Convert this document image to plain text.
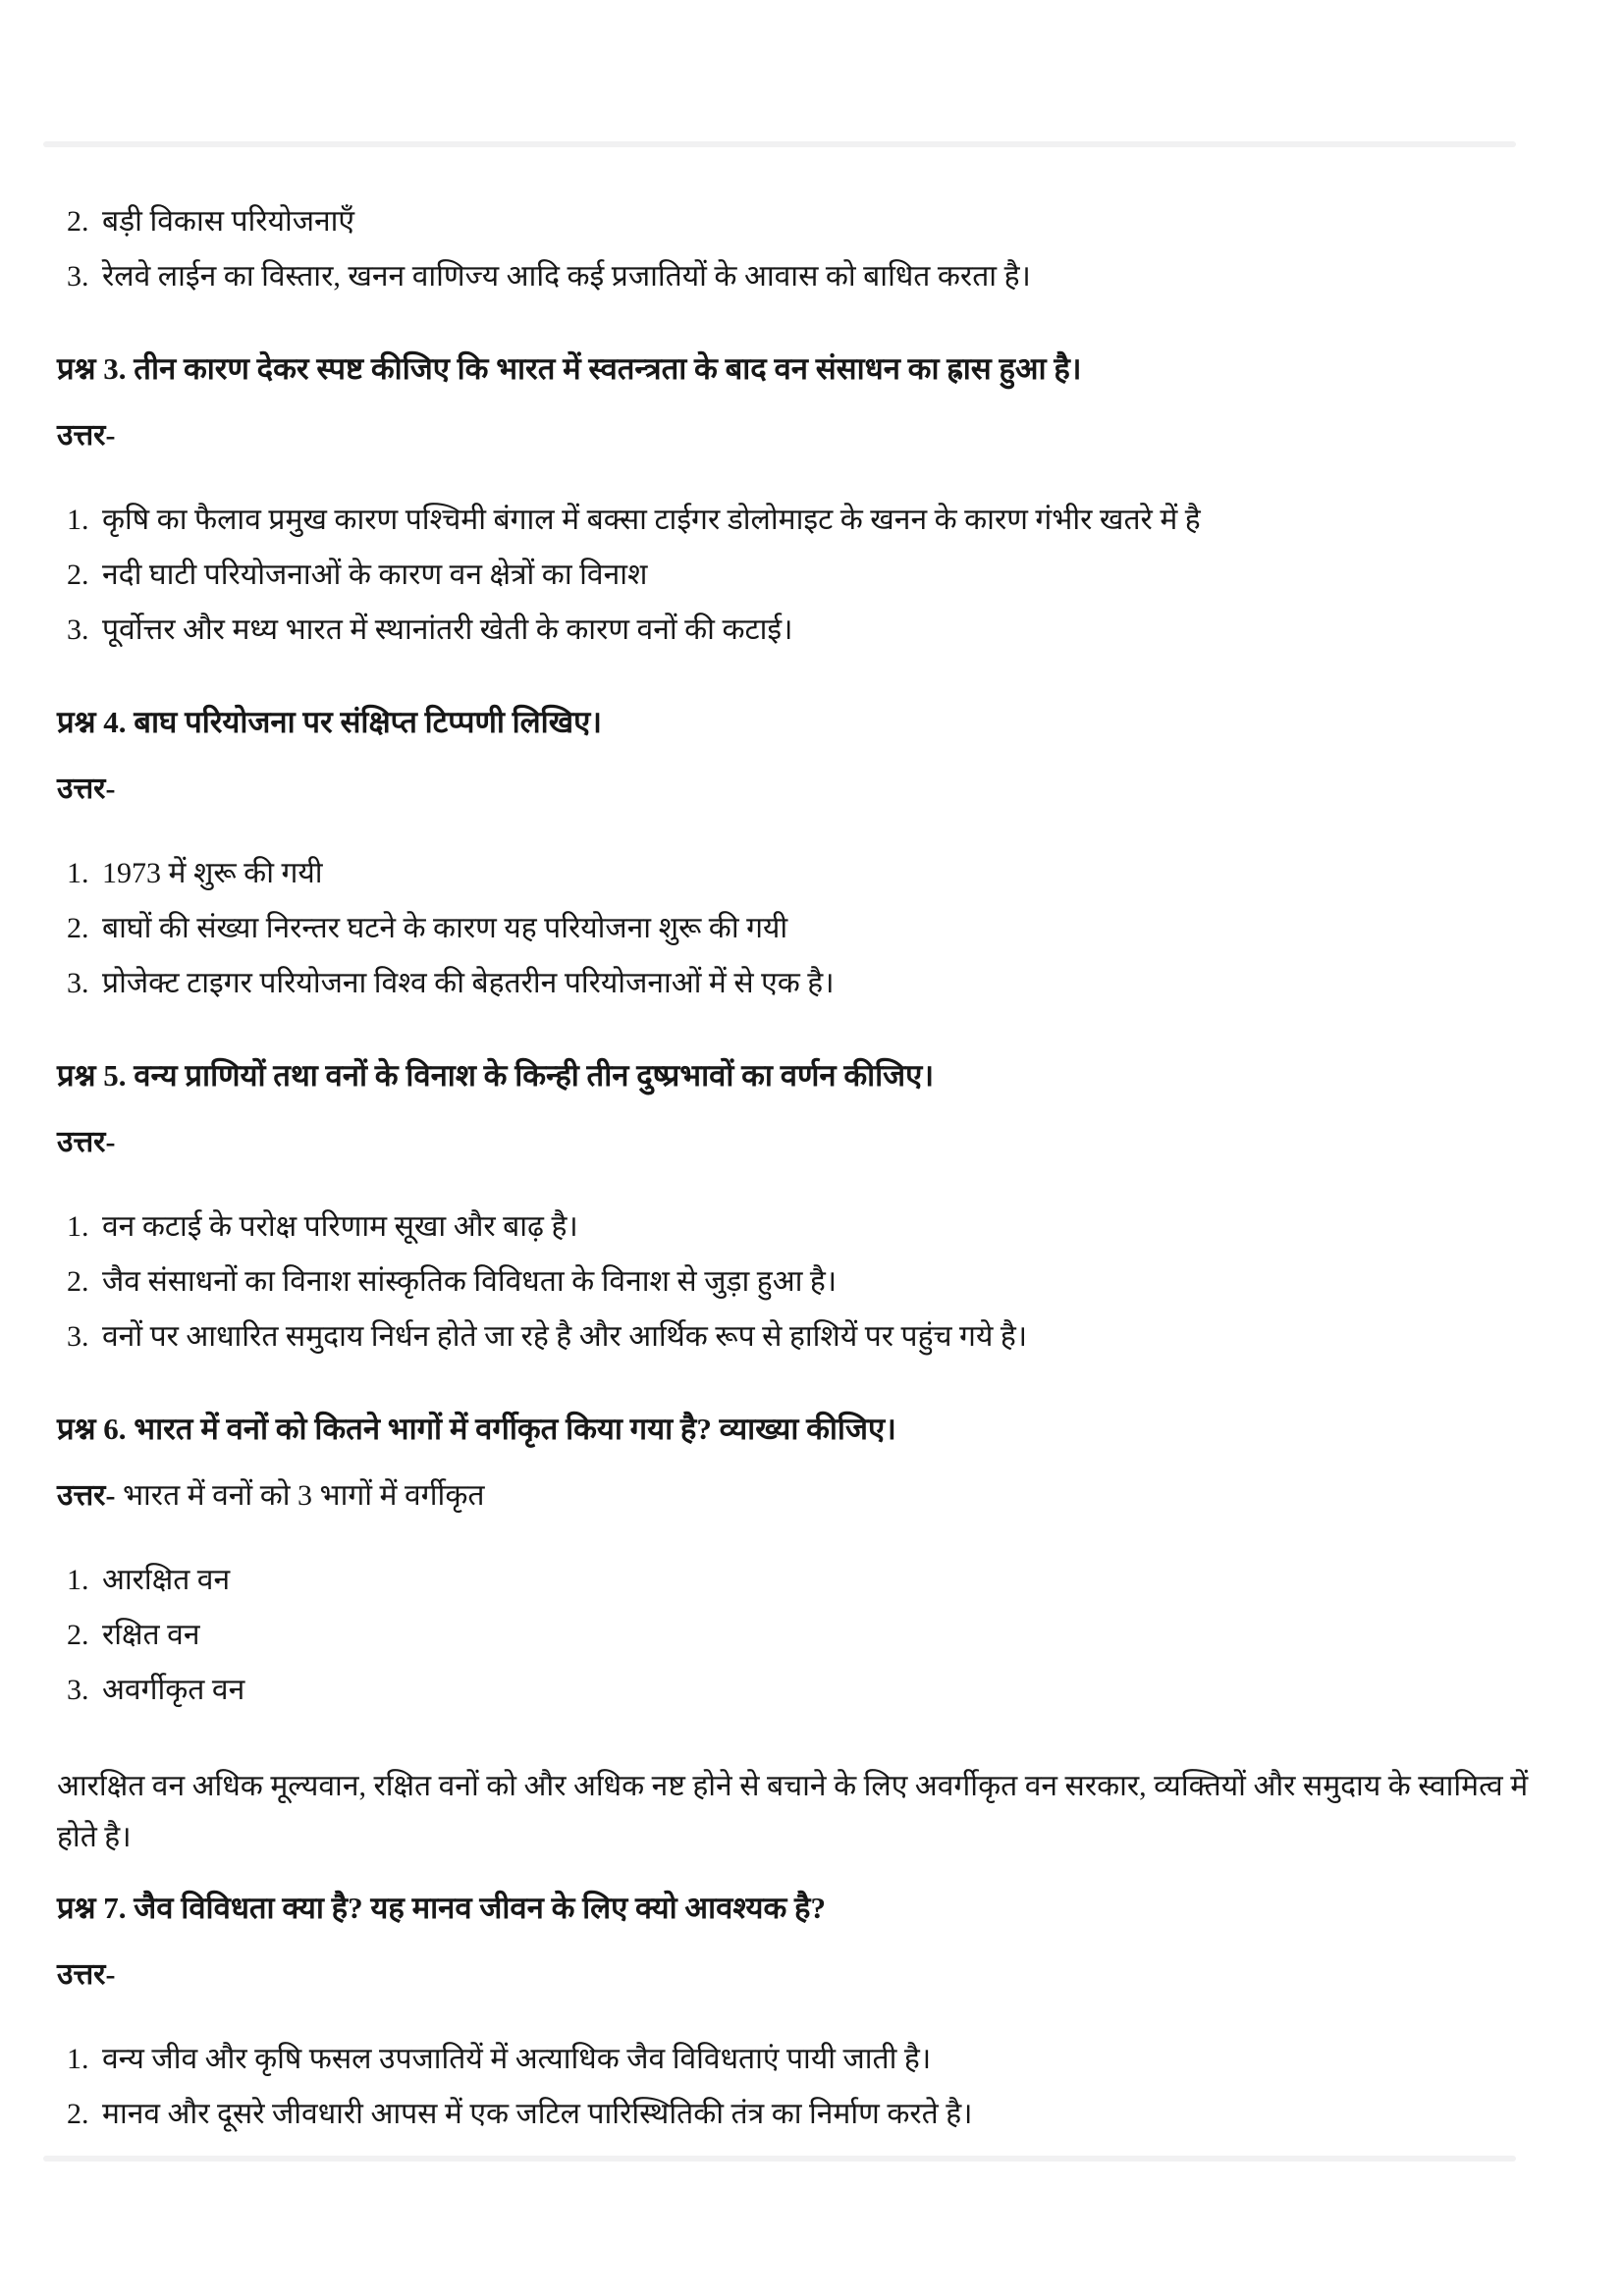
2. बड़ी विकास परियोजनाएँ
3. रेलवे लाईन का विस्तार, खनन वाणिज्य आदि कई प्रजातियों के आवास को बाधित करता है।
प्रश्न 3. तीन कारण देकर स्पष्ट कीजिए कि भारत में स्वतन्त्रता के बाद वन संसाधन का ह्रास हुआ है।

उत्तर-

1. कृषि का फैलाव प्रमुख कारण पश्चिमी बंगाल में बक्सा टाईगर डोलोमाइट के खनन के कारण गंभीर खतरे में है
2. नदी घाटी परियोजनाओं के कारण वन क्षेत्रों का विनाश
3. पूर्वोत्तर और मध्य भारत में स्थानांतरी खेती के कारण वनों की कटाई।
प्रश्न 4. बाघ परियोजना पर संक्षिप्त टिप्पणी लिखिए।

उत्तर-

1. 1973 में शुरू की गयी
2. बाघों की संख्या निरन्तर घटने के कारण यह परियोजना शुरू की गयी
3. प्रोजेक्ट टाइगर परियोजना विश्व की बेहतरीन परियोजनाओं में से एक है।
प्रश्न 5. वन्य प्राणियों तथा वनों के विनाश के किन्ही तीन दुष्प्रभावों का वर्णन कीजिए।

उत्तर-

1. वन कटाई के परोक्ष परिणाम सूखा और बाढ़ है।
2. जैव संसाधनों का विनाश सांस्कृतिक विविधता के विनाश से जुड़ा हुआ है।
3. वनों पर आधारित समुदाय निर्धन होते जा रहे है और आर्थिक रूप से हाशियें पर पहुंच गये है।
प्रश्न 6. भारत में वनों को कितने भागों में वर्गीकृत किया गया है? व्याख्या कीजिए।

उत्तर- भारत में वनों को 3 भागों में वर्गीकृत

1. आरक्षित वन
2. रक्षित वन
3. अवर्गीकृत वन

आरक्षित वन अधिक मूल्यवान, रक्षित वनों को और अधिक नष्ट होने से बचाने के लिए अवर्गीकृत वन सरकार, व्यक्तियों और समुदाय के स्वामित्व में होते है।

प्रश्न 7. जैव विविधता क्या है? यह मानव जीवन के लिए क्यो आवश्यक है?

उत्तर-

1. वन्य जीव और कृषि फसल उपजातियें में अत्याधिक जैव विविधताएं पायी जाती है।
2. मानव और दूसरे जीवधारी आपस में एक जटिल पारिस्थितिकी तंत्र का निर्माण करते है।
